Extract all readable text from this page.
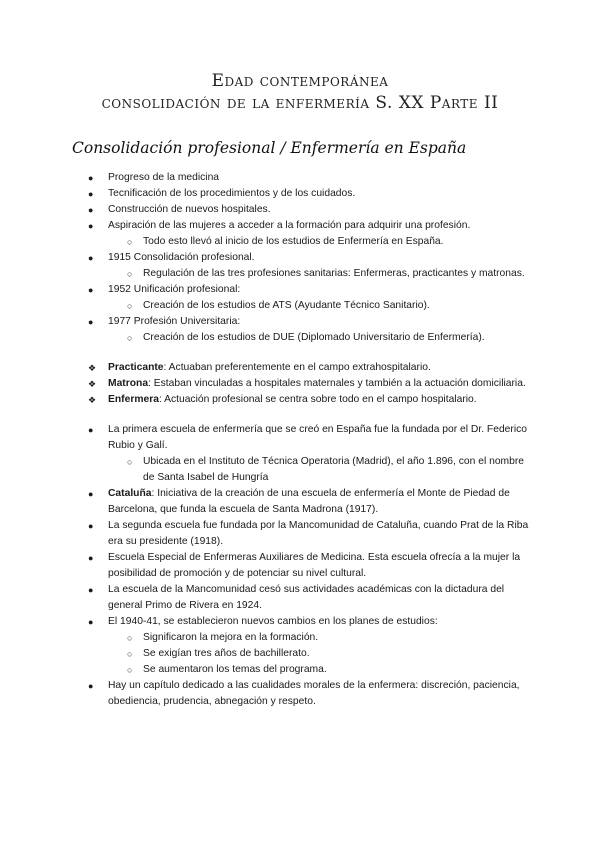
Edad contemporánea
consolidación de la enfermería S. XX Parte II
Consolidación profesional / Enfermería en España
● Progreso de la medicina
● Tecnificación de los procedimientos y de los cuidados.
● Construcción de nuevos hospitales.
● Aspiración de las mujeres a acceder a la formación para adquirir una profesión.
○ Todo esto llevó al inicio de los estudios de Enfermería en España.
● 1915 Consolidación profesional.
○ Regulación de las tres profesiones sanitarias: Enfermeras, practicantes y matronas.
● 1952 Unificación profesional:
○ Creación de los estudios de ATS (Ayudante Técnico Sanitario).
● 1977 Profesión Universitaria:
○ Creación de los estudios de DUE (Diplomado Universitario de Enfermería).
❖ Practicante: Actuaban preferentemente en el campo extrahospitalario.
❖ Matrona: Estaban vinculadas a hospitales maternales y también a la actuación domiciliaria.
❖ Enfermera: Actuación profesional se centra sobre todo en el campo hospitalario.
● La primera escuela de enfermería que se creó en España fue la fundada por el Dr. Federico Rubio y Galí.
○ Ubicada en el Instituto de Técnica Operatoria (Madrid), el año 1.896, con el nombre de Santa Isabel de Hungría
● Cataluña: Iniciativa de la creación de una escuela de enfermería el Monte de Piedad de Barcelona, que funda la escuela de Santa Madrona (1917).
● La segunda escuela fue fundada por la Mancomunidad de Cataluña, cuando Prat de la Riba era su presidente (1918).
● Escuela Especial de Enfermeras Auxiliares de Medicina. Esta escuela ofrecía a la mujer la posibilidad de promoción y de potenciar su nivel cultural.
● La escuela de la Mancomunidad cesó sus actividades académicas con la dictadura del general Primo de Rivera en 1924.
● El 1940-41, se establecieron nuevos cambios en los planes de estudios:
○ Significaron la mejora en la formación.
○ Se exigían tres años de bachillerato.
○ Se aumentaron los temas del programa.
● Hay un capítulo dedicado a las cualidades morales de la enfermera: discreción, paciencia, obediencia, prudencia, abnegación y respeto.
